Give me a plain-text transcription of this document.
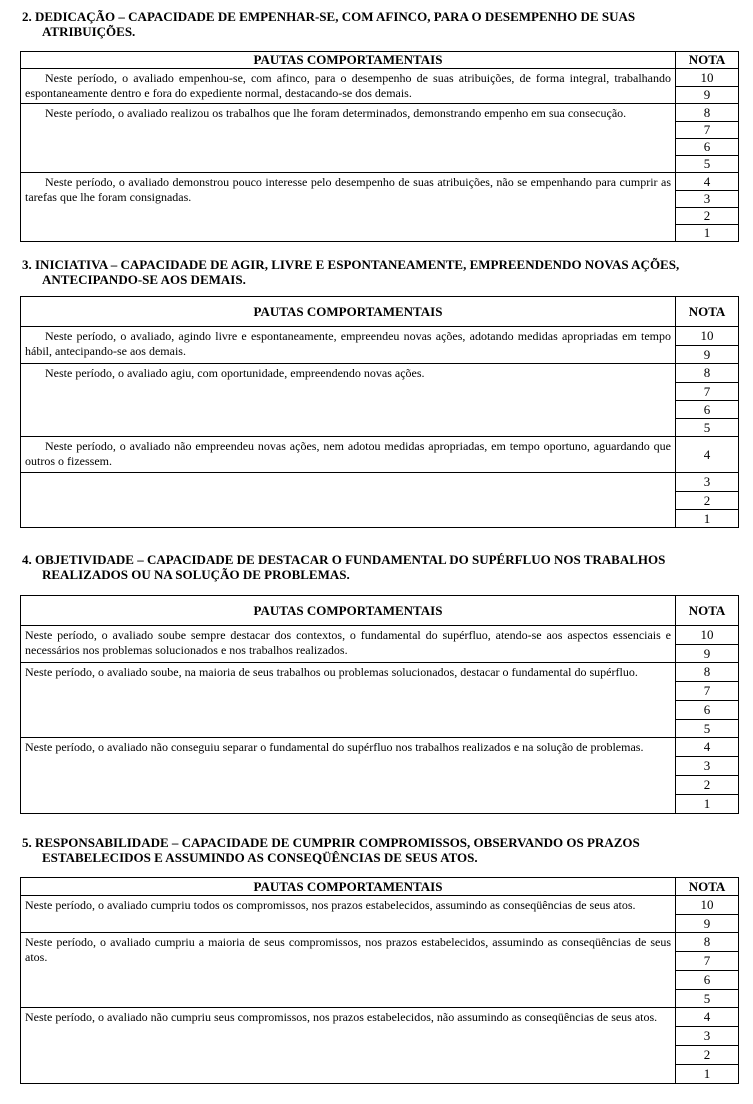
2. DEDICAÇÃO – CAPACIDADE DE EMPENHAR-SE, COM AFINCO, PARA O DESEMPENHO DE SUAS
ATRIBUIÇÕES.
PAUTAS COMPORTAMENTAIS	NOTA
Neste período, o avaliado empenhou-se, com afinco, para o desempenho de suas atribuições, de forma integral, trabalhando espontaneamente dentro e fora do expediente normal, destacando-se dos demais.	10
	9
Neste período, o avaliado realizou os trabalhos que lhe foram determinados, demonstrando empenho em sua consecução.	8
	7
	6
	5
Neste período, o avaliado demonstrou pouco interesse pelo desempenho de suas atribuições, não se empenhando para cumprir as tarefas que lhe foram consignadas.	4
	3
	2
	1
3. INICIATIVA – CAPACIDADE DE AGIR, LIVRE E ESPONTANEAMENTE, EMPREENDENDO NOVAS AÇÕES,
ANTECIPANDO-SE AOS DEMAIS.
PAUTAS COMPORTAMENTAIS	NOTA
Neste período, o avaliado, agindo livre e espontaneamente, empreendeu novas ações, adotando medidas apropriadas em tempo hábil, antecipando-se aos demais.	10
	9
Neste período, o avaliado agiu, com oportunidade, empreendendo novas ações.	8
	7
	6
	5
Neste período, o avaliado não empreendeu novas ações, nem adotou medidas apropriadas, em tempo oportuno, aguardando que outros o fizessem.	4
	3
	2
	1
4. OBJETIVIDADE – CAPACIDADE DE DESTACAR O FUNDAMENTAL DO SUPÉRFLUO NOS TRABALHOS
REALIZADOS OU NA SOLUÇÃO DE PROBLEMAS.
PAUTAS COMPORTAMENTAIS	NOTA
Neste período, o avaliado soube sempre destacar dos contextos, o fundamental do supérfluo, atendo-se aos aspectos essenciais e necessários nos problemas solucionados e nos trabalhos realizados.	10
	9
Neste período, o avaliado soube, na maioria de seus trabalhos ou problemas solucionados, destacar o fundamental do supérfluo.	8
	7
	6
	5
Neste período, o avaliado não conseguiu separar o fundamental do supérfluo nos trabalhos realizados e na solução de problemas.	4
	3
	2
	1
5. RESPONSABILIDADE – CAPACIDADE DE CUMPRIR COMPROMISSOS, OBSERVANDO OS PRAZOS
ESTABELECIDOS E ASSUMINDO AS CONSEQÜÊNCIAS DE SEUS ATOS.
PAUTAS COMPORTAMENTAIS	NOTA
Neste período, o avaliado cumpriu todos os compromissos, nos prazos estabelecidos, assumindo as conseqüências de seus atos.	10
	9
Neste período, o avaliado cumpriu a maioria de seus compromissos, nos prazos estabelecidos, assumindo as conseqüências de seus atos.	8
	7
	6
	5
Neste período, o avaliado não cumpriu seus compromissos, nos prazos estabelecidos, não assumindo as conseqüências de seus atos.	4
	3
	2
	1
